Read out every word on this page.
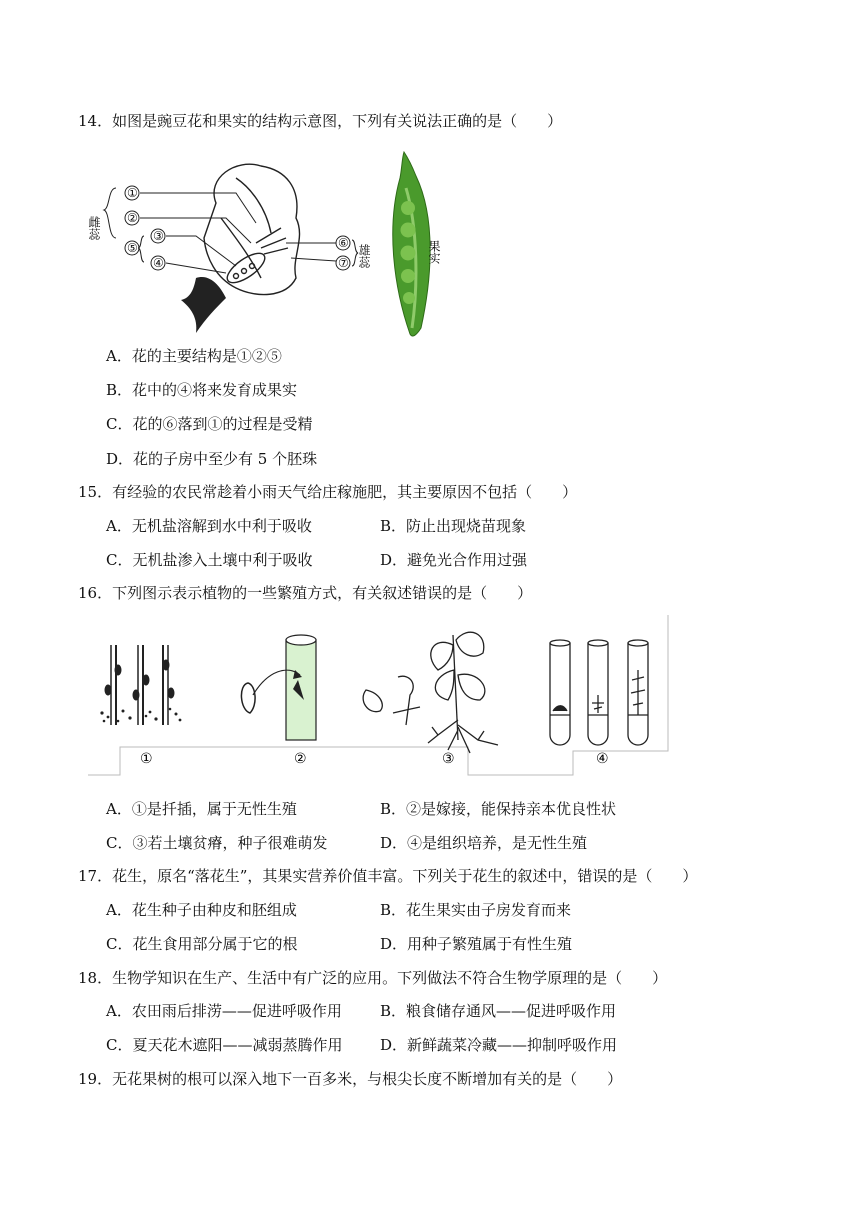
14．如图是豌豆花和果实的结构示意图，下列有关说法正确的是（　　）
雌蕊
①
②
⑤
③
④
⑥
⑦ 雄蕊	果实
A．花的主要结构是①②⑤
B．花中的④将来发育成果实
C．花的⑥落到①的过程是受精
D．花的子房中至少有 5 个胚珠
15．有经验的农民常趁着小雨天气给庄稼施肥，其主要原因不包括（　　）
A．无机盐溶解到水中利于吸收	B．防止出现烧苗现象
C．无机盐渗入土壤中利于吸收	D．避免光合作用过强
16．下列图示表示植物的一些繁殖方式，有关叙述错误的是（　　）
①	②	③	④
A．①是扦插，属于无性生殖	B．②是嫁接，能保持亲本优良性状
C．③若土壤贫瘠，种子很难萌发	D．④是组织培养，是无性生殖
17．花生，原名“落花生”，其果实营养价值丰富。下列关于花生的叙述中，错误的是（　　）
A．花生种子由种皮和胚组成	B．花生果实由子房发育而来
C．花生食用部分属于它的根	D．用种子繁殖属于有性生殖
18．生物学知识在生产、生活中有广泛的应用。下列做法不符合生物学原理的是（　　）
A．农田雨后排涝——促进呼吸作用	B．粮食储存通风——促进呼吸作用
C．夏天花木遮阳——减弱蒸腾作用	D．新鲜蔬菜冷藏——抑制呼吸作用
19．无花果树的根可以深入地下一百多米，与根尖长度不断增加有关的是（　　）
